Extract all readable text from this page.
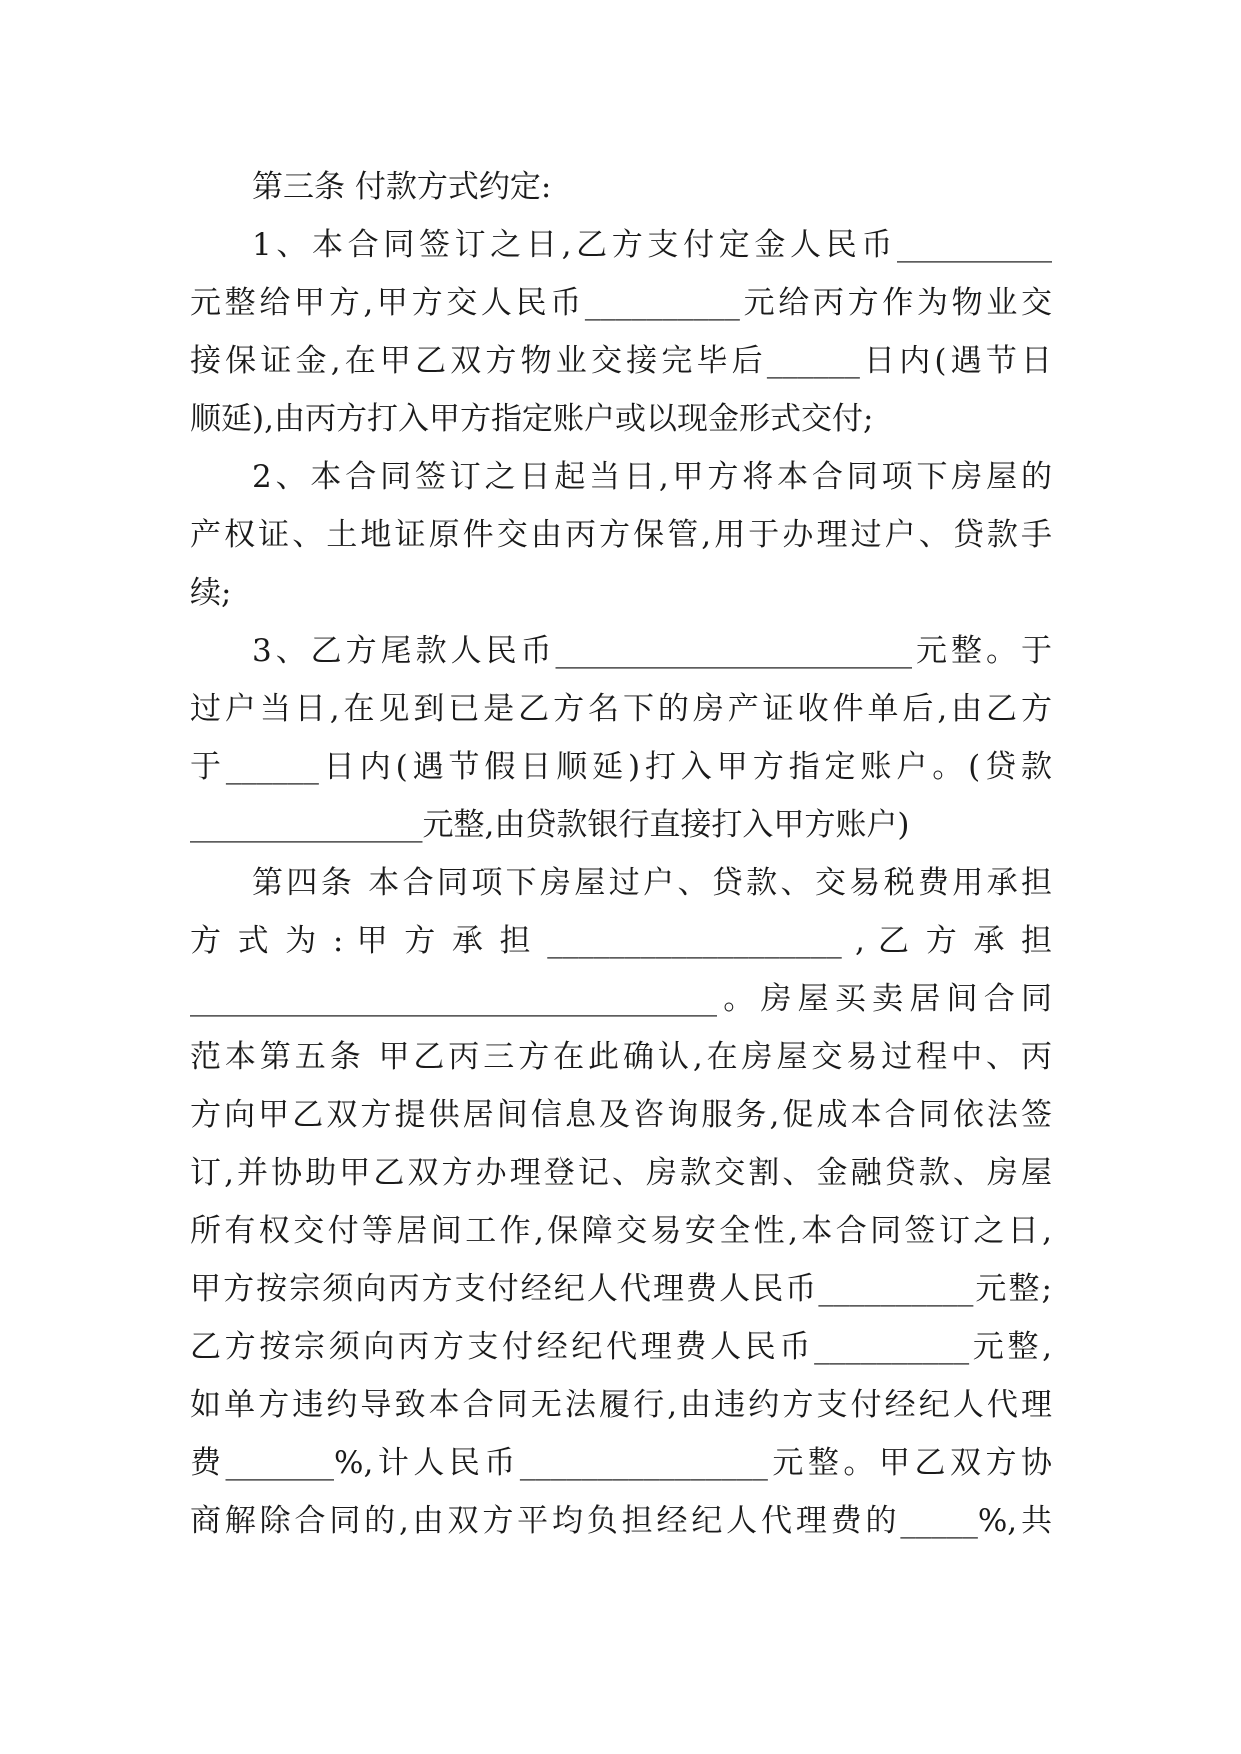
第三条 付款方式约定:
1、本合同签订之日,乙方支付定金人民币__________
元整给甲方,甲方交人民币__________元给丙方作为物业交
接保证金,在甲乙双方物业交接完毕后______日内(遇节日
顺延),由丙方打入甲方指定账户或以现金形式交付;
2、本合同签订之日起当日,甲方将本合同项下房屋的
产权证、土地证原件交由丙方保管,用于办理过户、贷款手
续;
3、乙方尾款人民币_______________________元整。于
过户当日,在见到已是乙方名下的房产证收件单后,由乙方
于______日内(遇节假日顺延)打入甲方指定账户。(贷款
_______________元整,由贷款银行直接打入甲方账户)
第四条 本合同项下房屋过户、贷款、交易税费用承担
方 式 为 : 甲 方 承 担 ___________________ , 乙 方 承 担
__________________________________。房屋买卖居间合同
范本第五条 甲乙丙三方在此确认,在房屋交易过程中、丙
方向甲乙双方提供居间信息及咨询服务,促成本合同依法签
订,并协助甲乙双方办理登记、房款交割、金融贷款、房屋
所有权交付等居间工作,保障交易安全性,本合同签订之日,
甲方按宗须向丙方支付经纪人代理费人民币__________元整;
乙方按宗须向丙方支付经纪代理费人民币__________元整,
如单方违约导致本合同无法履行,由违约方支付经纪人代理
费_______%,计人民币________________元整。甲乙双方协
商解除合同的,由双方平均负担经纪人代理费的_____%,共
